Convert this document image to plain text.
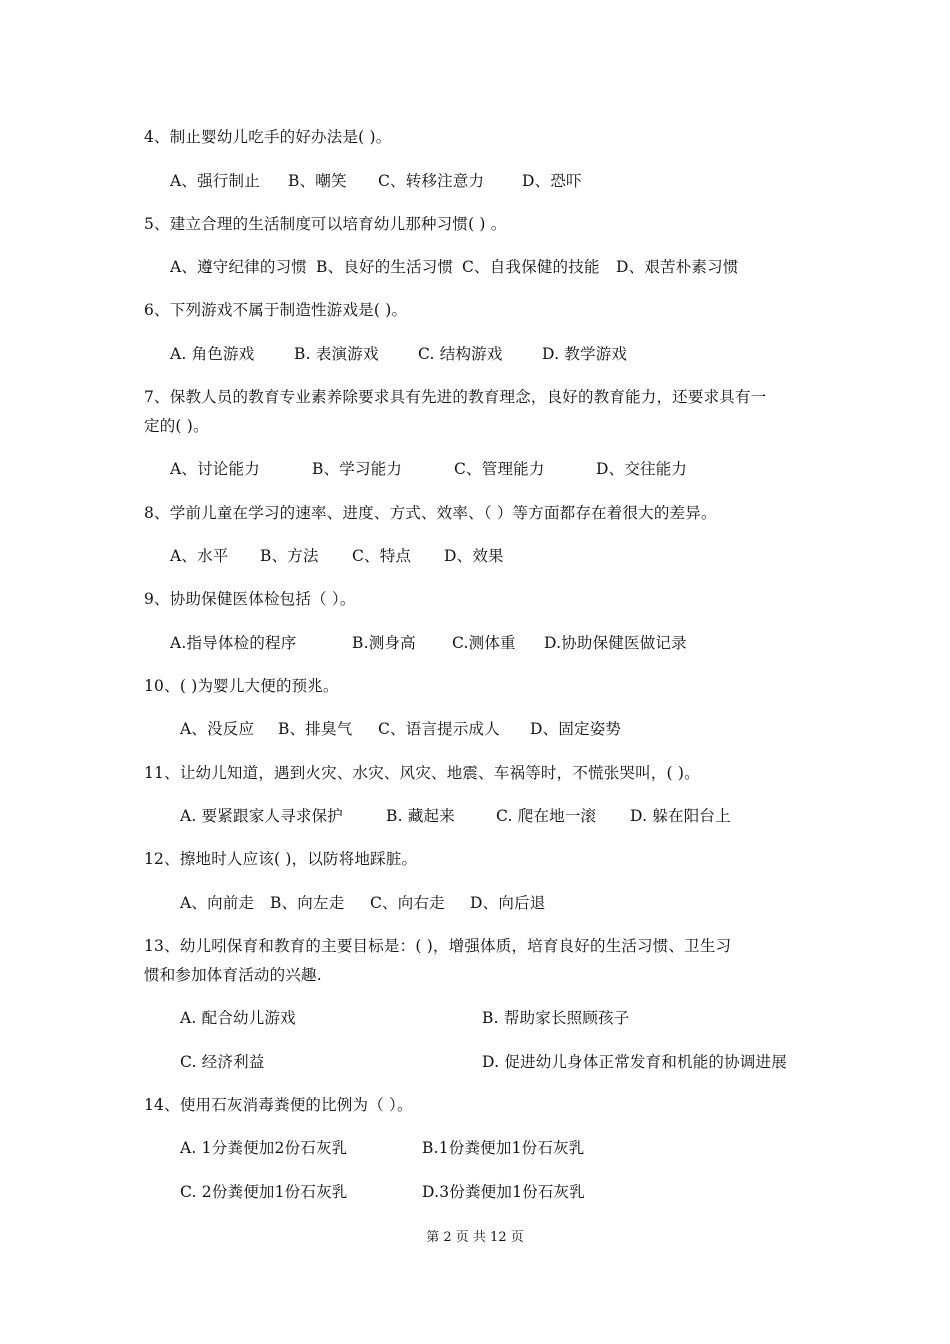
4、制止婴幼儿吃手的好办法是( )。
A、强行制止 B、嘲笑 C、转移注意力 D、恐吓
5、建立合理的生活制度可以培育幼儿那种习惯( ) 。
A、遵守纪律的习惯 B、良好的生活习惯 C、自我保健的技能 D、艰苦朴素习惯
6、下列游戏不属于制造性游戏是( )。
A. 角色游戏	B. 表演游戏	C. 结构游戏	D. 教学游戏
7、保教人员的教育专业素养除要求具有先进的教育理念，良好的教育能力，还要求具有一
定的( )。
A、讨论能力	B、学习能力	C、管理能力	D、交往能力
8、学前儿童在学习的速率、进度、方式、效率、（ ）等方面都存在着很大的差异。
A、水平 B、方法 C、特点 D、效果
9、协助保健医体检包括（ ）。
A.指导体检的程序	B.测身高 C.测体重 D.协助保健医做记录
10、( )为婴儿大便的预兆。
A、没反应 B、排臭气 C、语言提示成人 D、固定姿势
11、让幼儿知道，遇到火灾、水灾、风灾、地震、车祸等时，不慌张哭叫，( )。
A. 要紧跟家人寻求保护	B. 藏起来	C. 爬在地一滚 D. 躲在阳台上
12、擦地时人应该( )，以防将地踩脏。
A、向前走 B、向左走 C、向右走 D、向后退
13、幼儿吲保育和教育的主要目标是：( )，增强体质，培育良好的生活习惯、卫生习
惯和参加体育活动的兴趣.
A. 配合幼儿游戏	B. 帮助家长照顾孩子
C. 经济利益	D. 促进幼儿身体正常发育和机能的协调进展
14、使用石灰消毒粪便的比例为（ ）。
A. 1分粪便加2份石灰乳	B.1份粪便加1份石灰乳
C. 2份粪便加1份石灰乳	D.3份粪便加1份石灰乳
第 2 页 共 12 页
